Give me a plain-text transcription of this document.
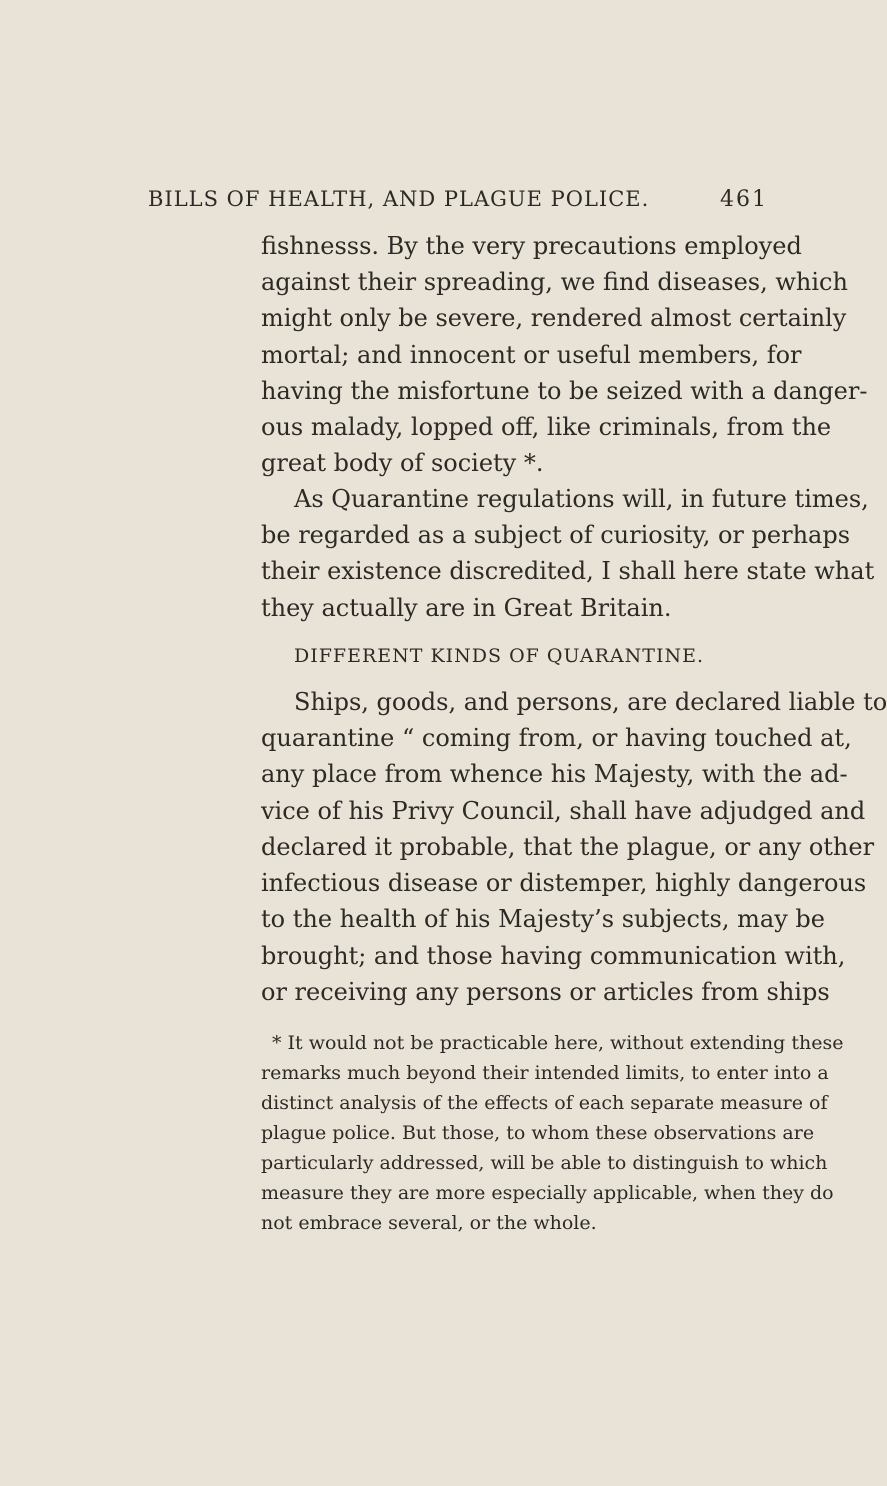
BILLS OF HEALTH, AND PLAGUE POLICE.	461
fishnesss. By the very precautions employed
against their spreading, we find diseases, which
might only be severe, rendered almost certainly
mortal; and innocent or useful members, for
having the misfortune to be seized with a danger-
ous malady, lopped off, like criminals, from the
great body of society *.
As Quarantine regulations will, in future times,
be regarded as a subject of curiosity, or perhaps
their existence discredited, I shall here state what
they actually are in Great Britain.
DIFFERENT KINDS OF QUARANTINE.
Ships, goods, and persons, are declared liable to
quarantine “ coming from, or having touched at,
any place from whence his Majesty, with the ad-
vice of his Privy Council, shall have adjudged and
declared it probable, that the plague, or any other
infectious disease or distemper, highly dangerous
to the health of his Majesty’s subjects, may be
brought; and those having communication with,
or receiving any persons or articles from ships
* It would not be practicable here, without extending these
remarks much beyond their intended limits, to enter into a
distinct analysis of the effects of each separate measure of
plague police. But those, to whom these observations are
particularly addressed, will be able to distinguish to which
measure they are more especially applicable, when they do
not embrace several, or the whole.
